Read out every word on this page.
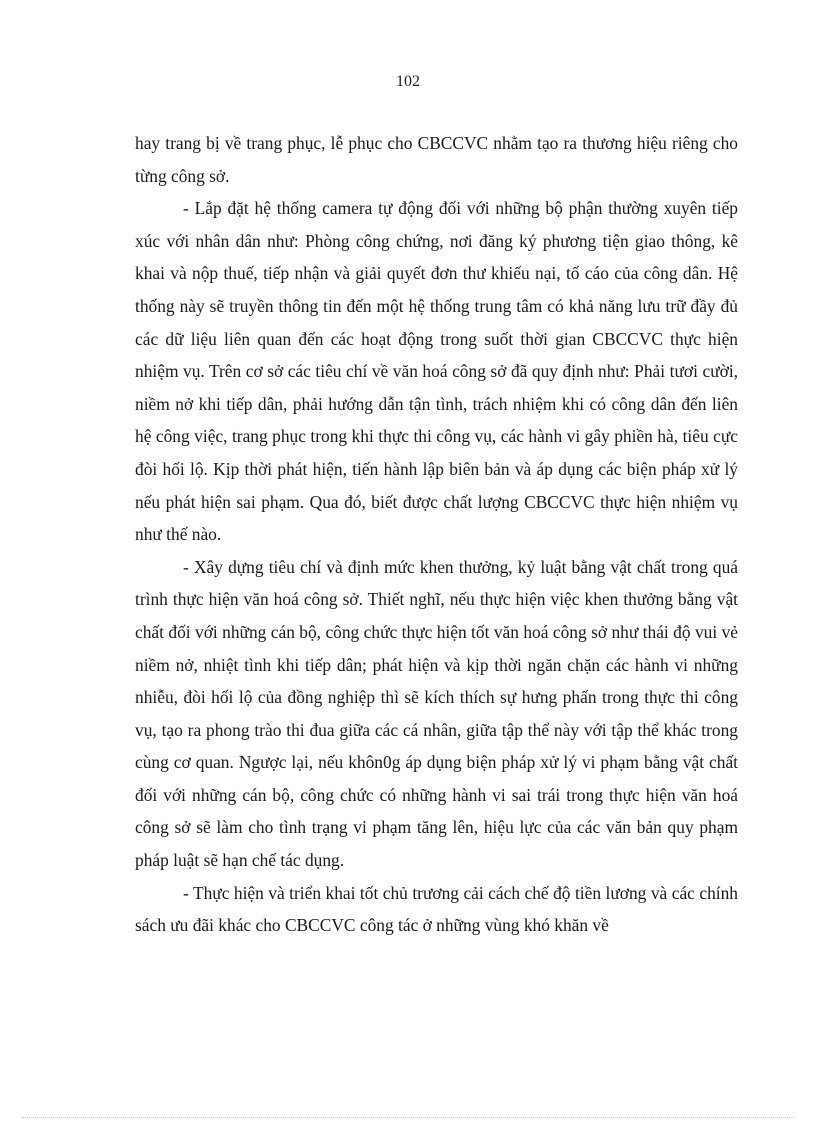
102

hay trang bị về trang phục, lễ phục cho CBCCVC nhằm tạo ra thương hiệu riêng cho từng công sở.

- Lắp đặt hệ thống camera tự động đối với những bộ phận thường xuyên tiếp xúc với nhân dân như: Phòng công chứng, nơi đăng ký phương tiện giao thông, kê khai và nộp thuế, tiếp nhận và giải quyết đơn thư khiếu nại, tố cáo của công dân. Hệ thống này sẽ truyền thông tin đến một hệ thống trung tâm có khả năng lưu trữ đầy đủ các dữ liệu liên quan đến các hoạt động trong suốt thời gian CBCCVC thực hiện nhiệm vụ. Trên cơ sở các tiêu chí về văn hoá công sở đã quy định như: Phải tươi cười, niềm nở khi tiếp dân, phải hướng dẫn tận tình, trách nhiệm khi có công dân đến liên hệ công việc, trang phục trong khi thực thi công vụ, các hành vi gây phiền hà, tiêu cực đòi hối lộ. Kịp thời phát hiện, tiến hành lập biên bản và áp dụng các biện pháp xử lý nếu phát hiện sai phạm. Qua đó, biết được chất lượng CBCCVC thực hiện nhiệm vụ như thế nào.

- Xây dựng tiêu chí và định mức khen thưởng, kỷ luật bằng vật chất trong quá trình thực hiện văn hoá công sở. Thiết nghĩ, nếu thực hiện việc khen thưởng bằng vật chất đối với những cán bộ, công chức thực hiện tốt văn hoá công sở như thái độ vui vẻ niềm nở, nhiệt tình khi tiếp dân; phát hiện và kịp thời ngăn chặn các hành vi những nhiễu, đòi hối lộ của đồng nghiệp thì sẽ kích thích sự hưng phấn trong thực thi công vụ, tạo ra phong trào thi đua giữa các cá nhân, giữa tập thể này với tập thể khác trong cùng cơ quan. Ngược lại, nếu khôn0g áp dụng biện pháp xử lý vi phạm bằng vật chất đối với những cán bộ, công chức có những hành vi sai trái trong thực hiện văn hoá công sở sẽ làm cho tình trạng vi phạm tăng lên, hiệu lực của các văn bản quy phạm pháp luật sẽ hạn chế tác dụng.

- Thực hiện và triển khai tốt chủ trương cải cách chế độ tiền lương và các chính sách ưu đãi khác cho CBCCVC công tác ở những vùng khó khăn về
